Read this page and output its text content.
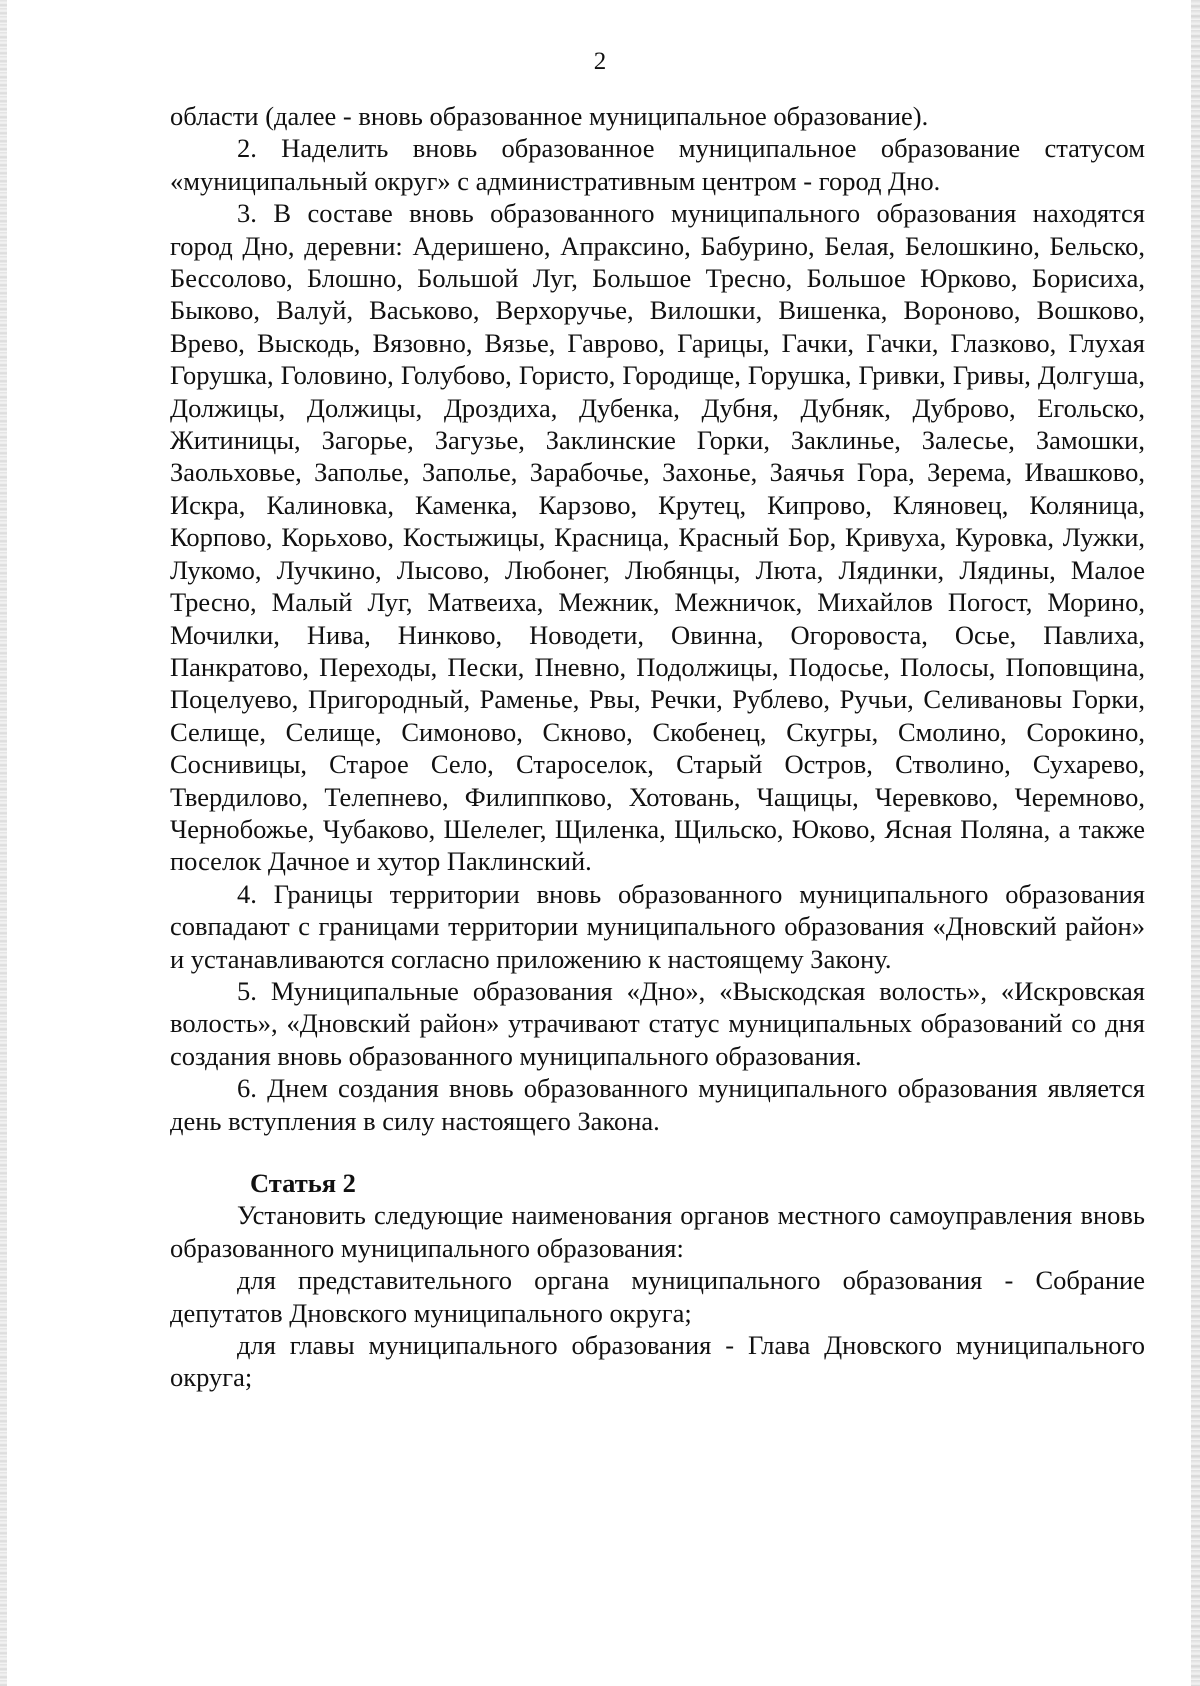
2

области (далее - вновь образованное муниципальное образование).

2. Наделить вновь образованное муниципальное образование статусом «муниципальный округ» с административным центром - город Дно.

3. В составе вновь образованного муниципального образования находятся город Дно, деревни: Адеришено, Апраксино, Бабурино, Белая, Белошкино, Бельско, Бессолово, Блошно, Большой Луг, Большое Тресно, Большое Юрково, Борисиха, Быково, Валуй, Васьково, Верхоручье, Вилошки, Вишенка, Вороново, Вошково, Врево, Выскодь, Вязовно, Вязье, Гаврово, Гарицы, Гачки, Гачки, Глазково, Глухая Горушка, Головино, Голубово, Гористо, Городище, Горушка, Гривки, Гривы, Долгуша, Должицы, Должицы, Дроздиха, Дубенка, Дубня, Дубняк, Дуброво, Егольско, Житиницы, Загорье, Загузье, Заклинские Горки, Заклинье, Залесье, Замошки, Заольховье, Заполье, Заполье, Зарабочье, Захонье, Заячья Гора, Зерема, Ивашково, Искра, Калиновка, Каменка, Карзово, Крутец, Кипрово, Кляновец, Коляница, Корпово, Корьхово, Костыжицы, Красница, Красный Бор, Кривуха, Куровка, Лужки, Лукомо, Лучкино, Лысово, Любонег, Любянцы, Люта, Лядинки, Лядины, Малое Тресно, Малый Луг, Матвеиха, Межник, Межничок, Михайлов Погост, Морино, Мочилки, Нива, Нинково, Новодети, Овинна, Огоровоста, Осье, Павлиха, Панкратово, Переходы, Пески, Пневно, Подолжицы, Подосье, Полосы, Поповщина, Поцелуево, Пригородный, Раменье, Рвы, Речки, Рублево, Ручьи, Селивановы Горки, Селище, Селище, Симоново, Скново, Скобенец, Скугры, Смолино, Сорокино, Соснивицы, Старое Село, Староселок, Старый Остров, Стволино, Сухарево, Твердилово, Телепнево, Филиппково, Хотовань, Чащицы, Черевково, Черемново, Чернобожье, Чубаково, Шелелег, Щиленка, Щильско, Юково, Ясная Поляна, а также поселок Дачное и хутор Паклинский.

4. Границы территории вновь образованного муниципального образования совпадают с границами территории муниципального образования «Дновский район» и устанавливаются согласно приложению к настоящему Закону.

5. Муниципальные образования «Дно», «Выскодская волость», «Искровская волость», «Дновский район» утрачивают статус муниципальных образований со дня создания вновь образованного муниципального образования.

6. Днем создания вновь образованного муниципального образования является день вступления в силу настоящего Закона.

Статья 2

Установить следующие наименования органов местного самоуправления вновь образованного муниципального образования:

для представительного органа муниципального образования - Собрание депутатов Дновского муниципального округа;

для главы муниципального образования - Глава Дновского муниципального округа;
